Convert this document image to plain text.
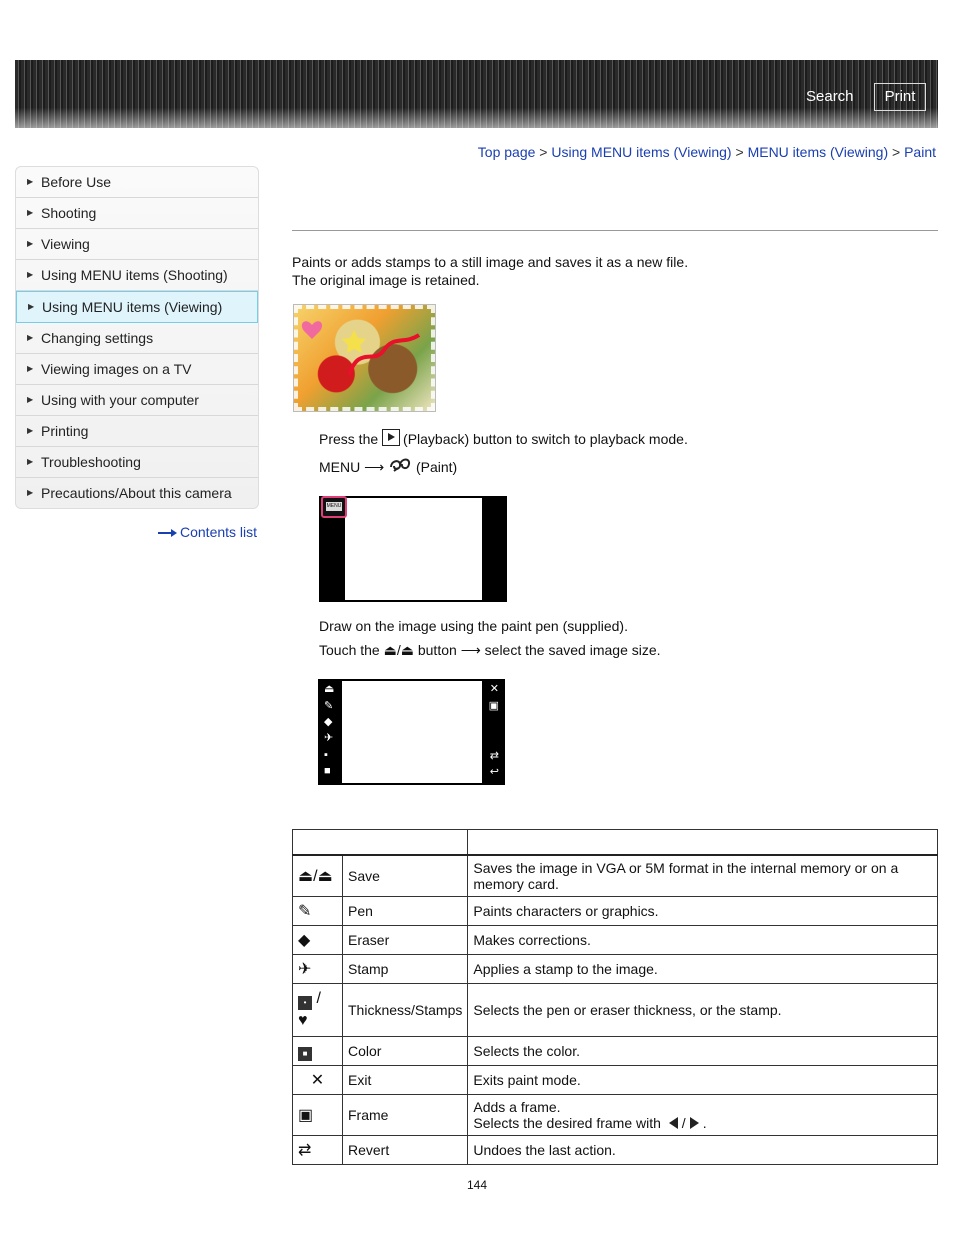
Search	Print
Top page > Using MENU items (Viewing) > MENU items (Viewing) > Paint
▶ Before Use
▶ Shooting
▶ Viewing
▶ Using MENU items (Shooting)
▶ Using MENU items (Viewing)
▶ Changing settings
▶ Viewing images on a TV
▶ Using with your computer
▶ Printing
▶ Troubleshooting
▶ Precautions/About this camera
Contents list
Paints or adds stamps to a still image and saves it as a new file.
The original image is retained.
Press the (Playback) button to switch to playback mode.
MENU ⟶ (Paint)
MENU
Draw on the image using the paint pen (supplied).
Touch the ⏏/⏏ button ⟶ select the saved image size.
⏏
✎
◆
✈
▪
■
✕
▣
⇄
↩

⏏/⏏	Save	Saves the image in VGA or 5M format in the internal memory or on a memory card.
✎	Pen	Paints characters or graphics.
◆	Eraser	Makes corrections.
✈	Stamp	Applies a stamp to the image.
• /
♥	Thickness/Stamps	Selects the pen or eraser thickness, or the stamp.
■	Color	Selects the color.
✕	Exit	Exits paint mode.
▣	Frame	Adds a frame.
Selects the desired frame with / .

⇄	Revert	Undoes the last action.
144
